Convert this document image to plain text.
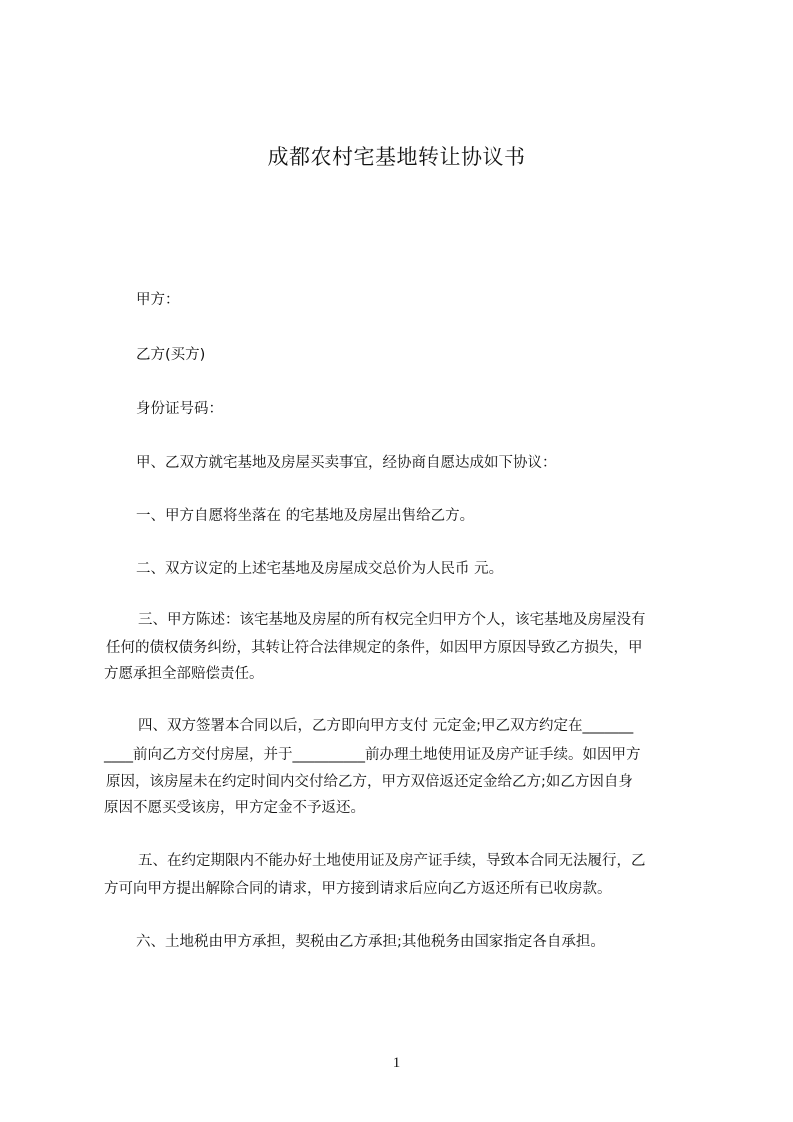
成都农村宅基地转让协议书

甲方：

乙方(买方)

身份证号码：

甲、乙双方就宅基地及房屋买卖事宜，经协商自愿达成如下协议：

一、甲方自愿将坐落在 的宅基地及房屋出售给乙方。

二、双方议定的上述宅基地及房屋成交总价为人民币 元。

三、甲方陈述：该宅基地及房屋的所有权完全归甲方个人，该宅基地及房屋没有

任何的债权债务纠纷，其转让符合法律规定的条件，如因甲方原因导致乙方损失，甲

方愿承担全部赔偿责任。

四、双方签署本合同以后，乙方即向甲方支付 元定金;甲乙双方约定在_______

____前向乙方交付房屋，并于__________前办理土地使用证及房产证手续。如因甲方

原因，该房屋未在约定时间内交付给乙方，甲方双倍返还定金给乙方;如乙方因自身

原因不愿买受该房，甲方定金不予返还。

五、在约定期限内不能办好土地使用证及房产证手续，导致本合同无法履行，乙

方可向甲方提出解除合同的请求，甲方接到请求后应向乙方返还所有已收房款。

六、土地税由甲方承担，契税由乙方承担;其他税务由国家指定各自承担。

1
